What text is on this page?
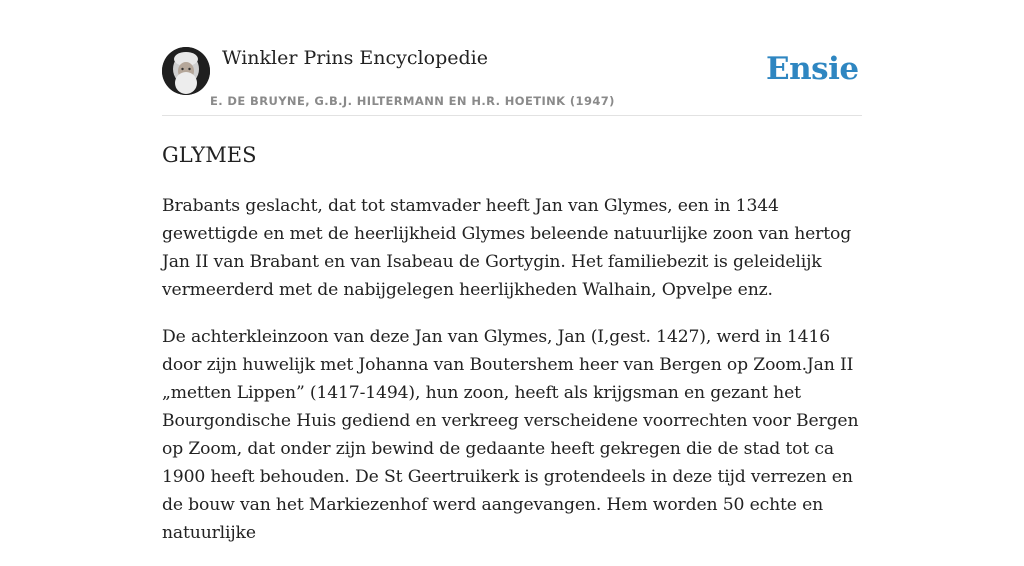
Winkler Prins Encyclopedie
E. DE BRUYNE, G.B.J. HILTERMANN EN H.R. HOETINK (1947)
Ensie
GLYMES

Brabants geslacht, dat tot stamvader heeft Jan van Glymes, een in 1344 gewettigde en met de heerlijkheid Glymes beleende natuurlijke zoon van hertog Jan II van Brabant en van Isabeau de Gortygin. Het familiebezit is geleidelijk vermeerderd met de nabijgelegen heerlijkheden Walhain, Opvelpe enz.

De achterkleinzoon van deze Jan van Glymes, Jan (I,gest. 1427), werd in 1416 door zijn huwelijk met Johanna van Boutershem heer van Bergen op Zoom.Jan II „metten Lippen” (1417-1494), hun zoon, heeft als krijgsman en gezant het Bourgondische Huis gediend en verkreeg verscheidene voorrechten voor Bergen op Zoom, dat onder zijn bewind de gedaante heeft gekregen die de stad tot ca 1900 heeft behouden. De St Geertruikerk is grotendeels in deze tijd verrezen en de bouw van het Markiezenhof werd aangevangen. Hem worden 50 echte en natuurlijke
